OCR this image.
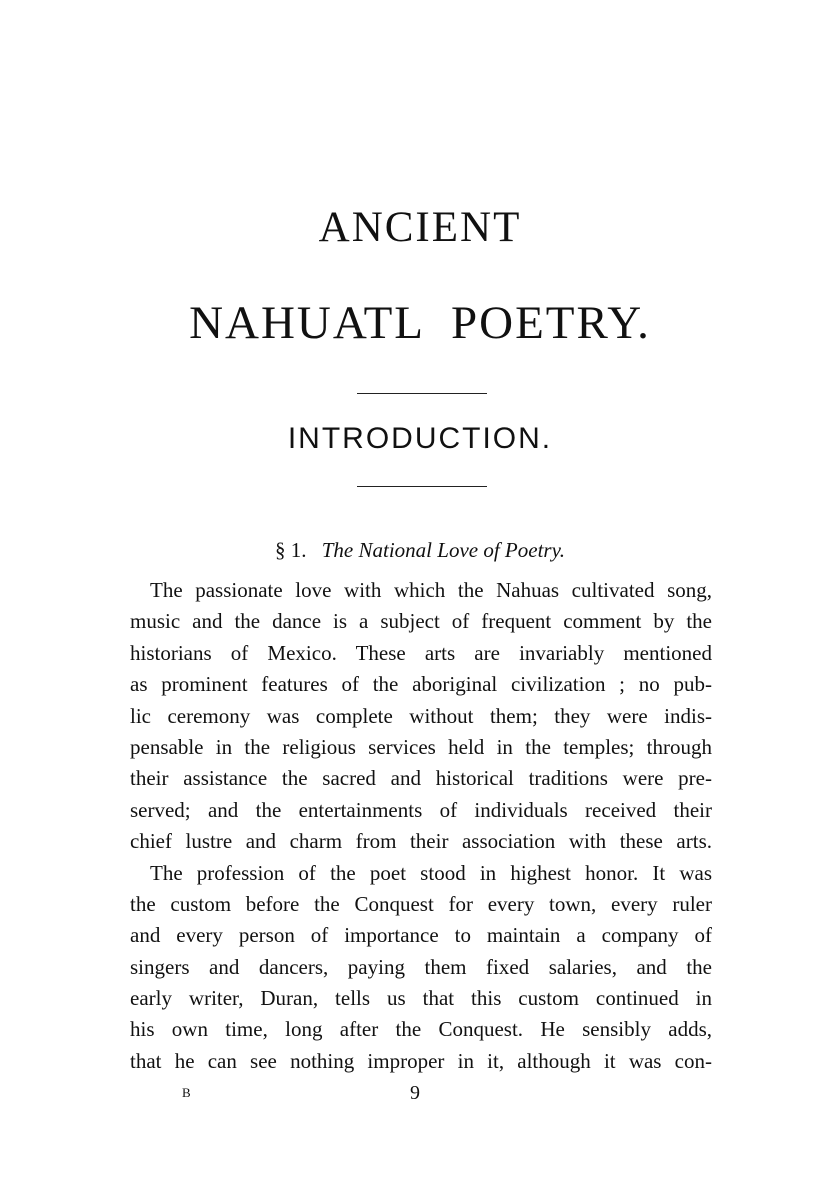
ANCIENT
NAHUATL POETRY.
INTRODUCTION.
§ 1. The National Love of Poetry.
The passionate love with which the Nahuas cultivated song,
music and the dance is a subject of frequent comment by the
historians of Mexico. These arts are invariably mentioned
as prominent features of the aboriginal civilization ; no pub-
lic ceremony was complete without them; they were indis-
pensable in the religious services held in the temples; through
their assistance the sacred and historical traditions were pre-
served; and the entertainments of individuals received their
chief lustre and charm from their association with these arts.
The profession of the poet stood in highest honor. It was
the custom before the Conquest for every town, every ruler
and every person of importance to maintain a company of
singers and dancers, paying them fixed salaries, and the
early writer, Duran, tells us that this custom continued in
his own time, long after the Conquest. He sensibly adds,
that he can see nothing improper in it, although it was con-
B	9
